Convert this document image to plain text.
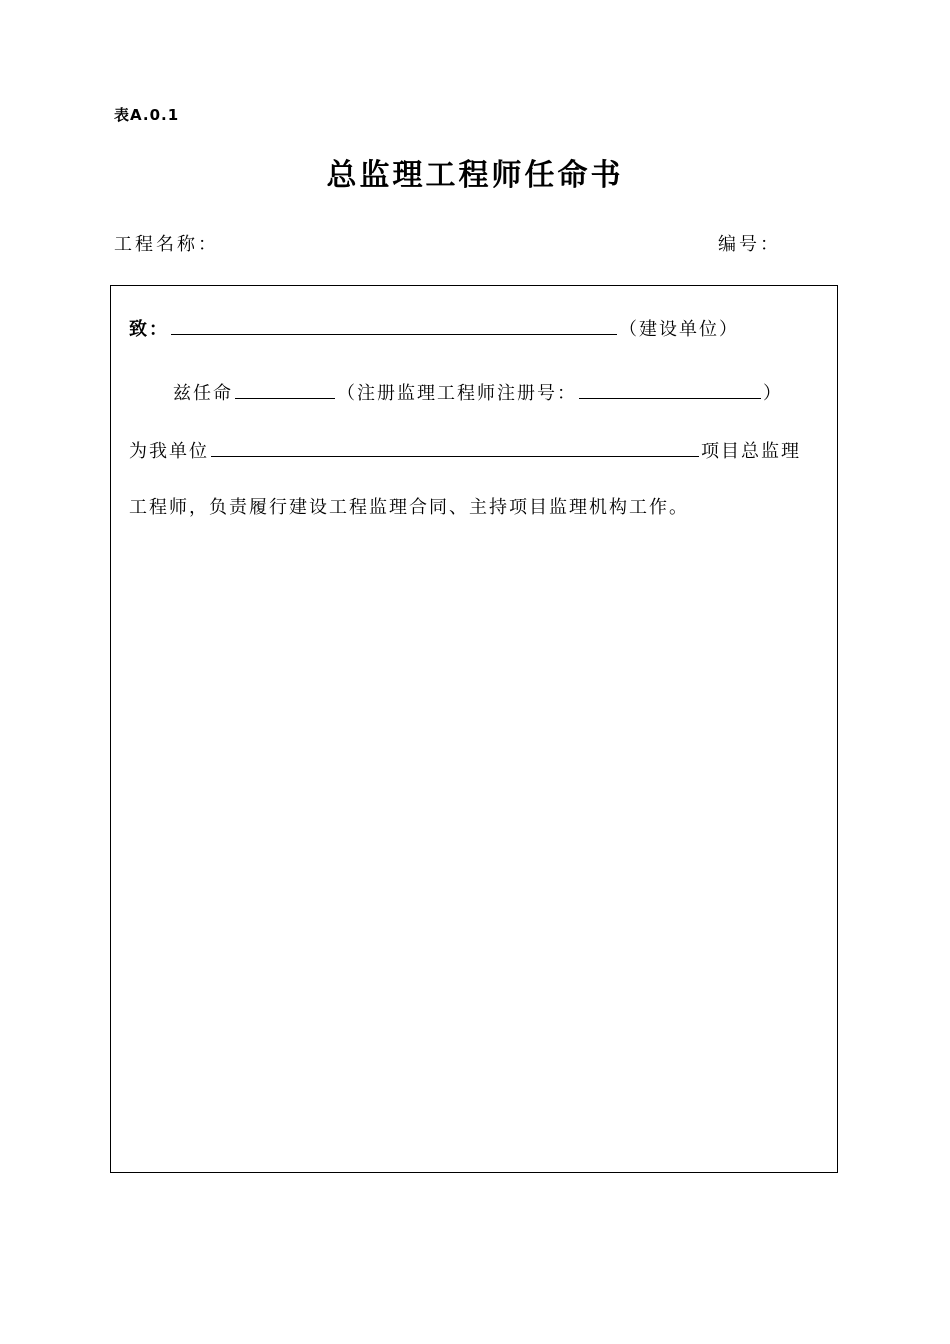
表A.0.1
总监理工程师任命书
工程名称：	编号：
致：	（建设单位）
兹任命	（注册监理工程师注册号：	）
为我单位	项目总监理
工程师，负责履行建设工程监理合同、主持项目监理机构工作。
